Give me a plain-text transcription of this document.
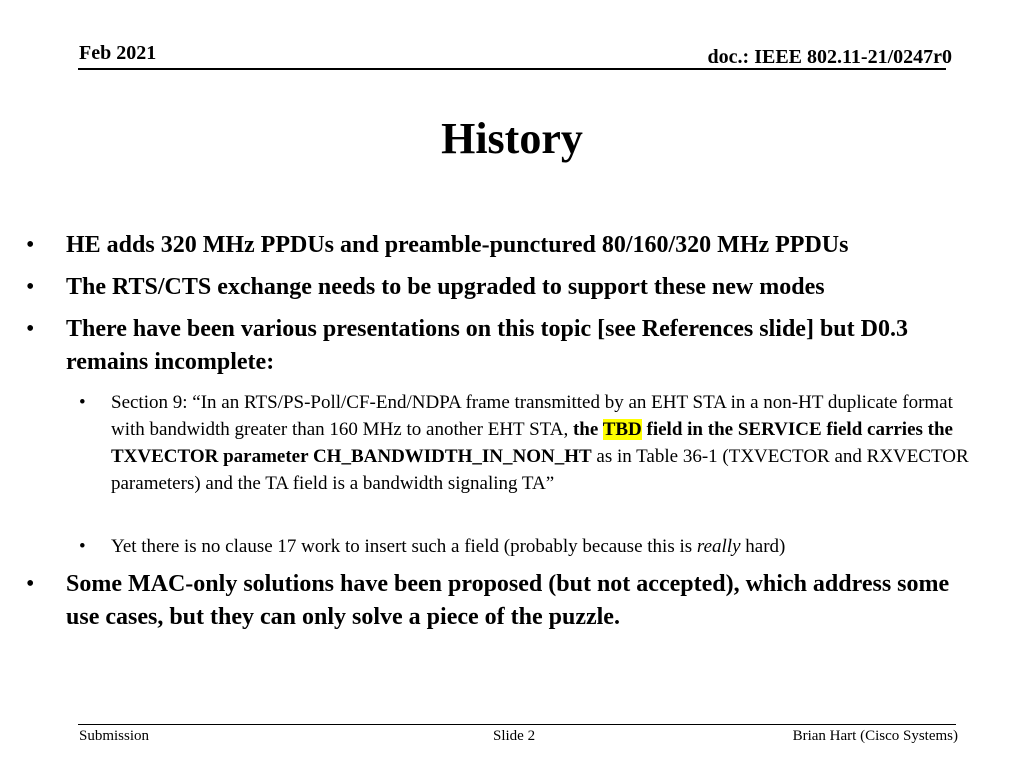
Feb 2021	doc.: IEEE 802.11-21/0247r0
History
• HE adds 320 MHz PPDUs and preamble-punctured 80/160/320 MHz PPDUs
• The RTS/CTS exchange needs to be upgraded to support these new modes
• There have been various presentations on this topic [see References slide] but D0.3 remains incomplete:
• Section 9: “In an RTS/PS-Poll/CF-End/NDPA frame transmitted by an EHT STA in a non-HT duplicate format with bandwidth greater than 160 MHz to another EHT STA, the TBD field in the SERVICE field carries the TXVECTOR parameter CH_BANDWIDTH_IN_NON_HT as in Table 36-1 (TXVECTOR and RXVECTOR parameters) and the TA field is a bandwidth signaling TA”
• Yet there is no clause 17 work to insert such a field (probably because this is really hard)
• Some MAC-only solutions have been proposed (but not accepted), which address some use cases, but they can only solve a piece of the puzzle.
Submission	Slide 2	Brian Hart (Cisco Systems)
